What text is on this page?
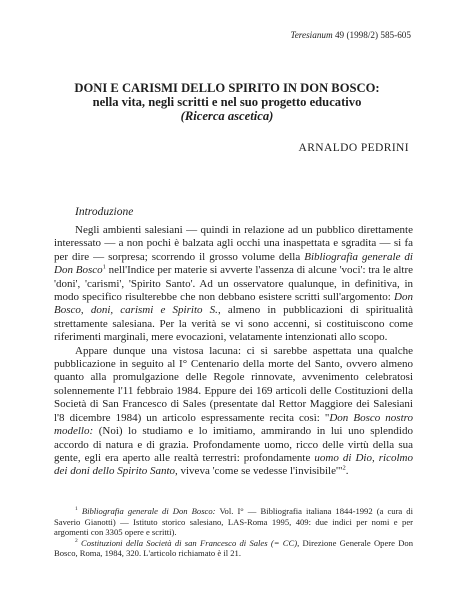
Teresianum 49 (1998/2) 585-605
DONI E CARISMI DELLO SPIRITO IN DON BOSCO:
nella vita, negli scritti e nel suo progetto educativo
(Ricerca ascetica)
ARNALDO PEDRINI
Introduzione

Negli ambienti salesiani — quindi in relazione ad un pubblico direttamente interessato — a non pochi è balzata agli occhi una inaspettata e sgradita — si fa per dire — sorpresa; scorrendo il grosso volume della Bibliografia generale di Don Bosco$^1$ nell'Indice per materie si avverte l'assenza di alcune 'voci': tra le altre 'doni', 'carismi', 'Spirito Santo'. Ad un osservatore qualunque, in definitiva, in modo specifico risulterebbe che non debbano esistere scritti sull'argomento: Don Bosco, doni, carismi e Spirito S., almeno in pubblicazioni di spiritualità strettamente salesiana. Per la verità se vi sono accenni, si costituiscono come riferimenti marginali, mere evocazioni, velatamente intenzionati allo scopo.

Appare dunque una vistosa lacuna: ci si sarebbe aspettata una qualche pubblicazione in seguito al I° Centenario della morte del Santo, ovvero almeno quanto alla promulgazione delle Regole rinnovate, avvenimento celebratosi solennemente l'11 febbraio 1984. Eppure dei 169 articoli delle Costituzioni della Società di San Francesco di Sales (presentate dal Rettor Maggiore dei Salesiani l'8 dicembre 1984) un articolo espressamente recita così: "Don Bosco nostro modello: (Noi) lo studiamo e lo imitiamo, ammirando in lui uno splendido accordo di natura e di grazia. Profondamente uomo, ricco delle virtù della sua gente, egli era aperto alle realtà terrestri: profondamente uomo di Dio, ricolmo dei doni dello Spirito Santo, viveva 'come se vedesse l'invisibile'"$^2$.

$^1$ Bibliografia generale di Don Bosco: Vol. I° — Bibliografia italiana 1844-1992 (a cura di Saverio Gianotti) — Istituto storico salesiano, LAS-Roma 1995, 409: due indici per nomi e per argomenti con 3305 opere e scritti).

$^2$ Costituzioni della Società di san Francesco di Sales (= CC), Direzione Generale Opere Don Bosco, Roma, 1984, 320. L'articolo richiamato è il 21.
